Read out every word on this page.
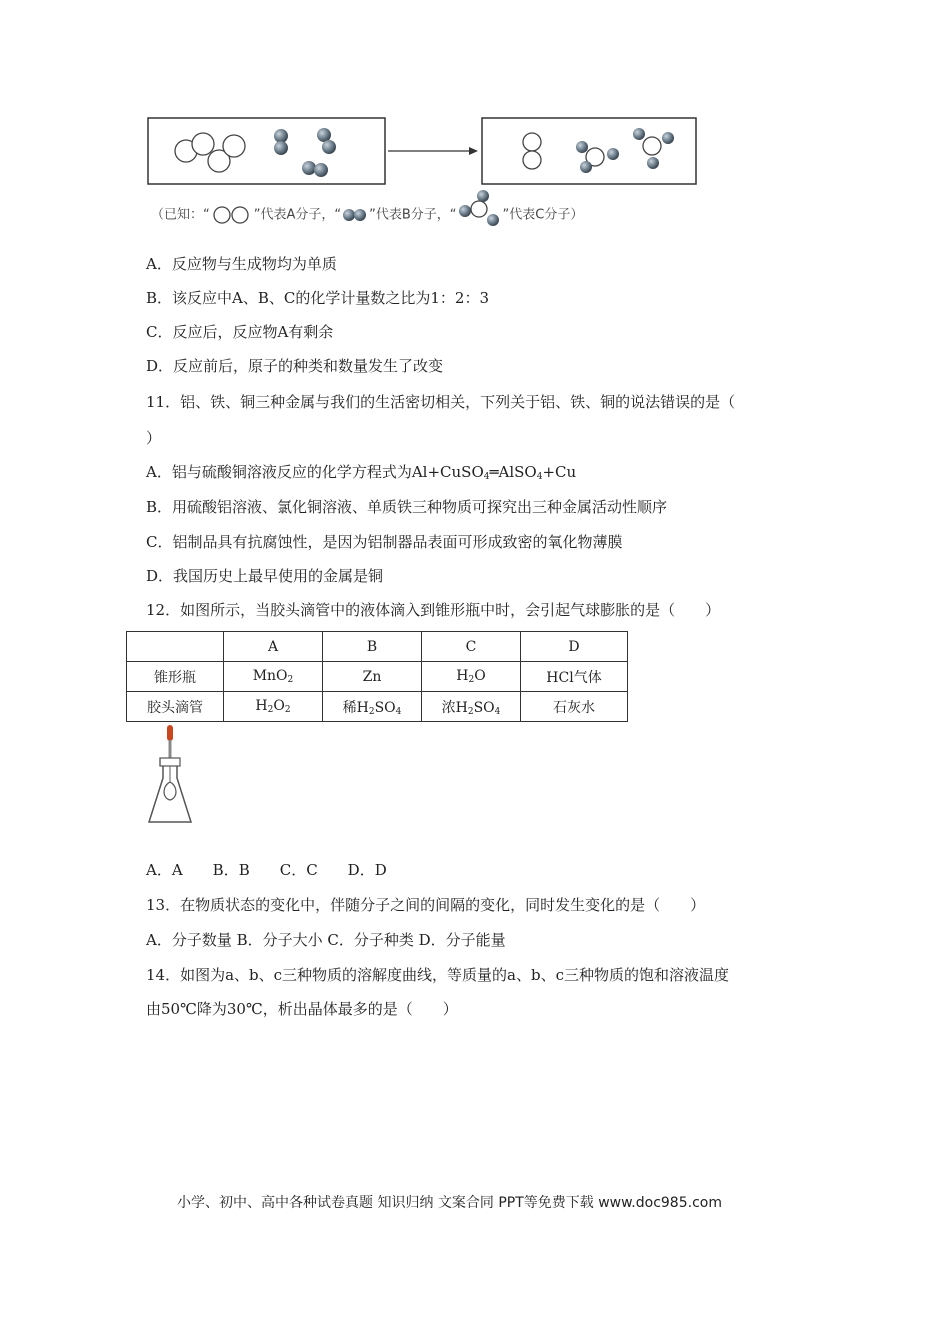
（已知：“	”代表A分子，“ ”代表B分子，“	”代表C分子）
A．反应物与生成物均为单质
B．该反应中A、B、C的化学计量数之比为1：2：3
C．反应后，反应物A有剩余
D．反应前后，原子的种类和数量发生了改变
11．铝、铁、铜三种金属与我们的生活密切相关，下列关于铝、铁、铜的说法错误的是（
）
A．铝与硫酸铜溶液反应的化学方程式为Al+CuSO$_4$═AlSO$_4$+Cu
B．用硫酸铝溶液、氯化铜溶液、单质铁三种物质可探究出三种金属活动性顺序
C．铝制品具有抗腐蚀性，是因为铝制器品表面可形成致密的氧化物薄膜
D．我国历史上最早使用的金属是铜
12．如图所示，当胶头滴管中的液体滴入到锥形瓶中时，会引起气球膨胀的是（　　）
	A	B	C	D
锥形瓶	MnO$_2$	Zn	$H_2O$	HCl气体
胶头滴管	$H_2O_2$	稀$H_2SO_4$	浓$H_2SO_4$	石灰水
A．A　　B．B　　C．C　　D．D
13．在物质状态的变化中，伴随分子之间的间隔的变化，同时发生变化的是（　　）
A．分子数量 B．分子大小 C．分子种类 D．分子能量
14．如图为a、b、c三种物质的溶解度曲线，等质量的a、b、c三种物质的饱和溶液温度
由50℃降为30℃，析出晶体最多的是（　　）
小学、初中、高中各种试卷真题 知识归纳 文案合同 PPT等免费下载 www.doc985.com
